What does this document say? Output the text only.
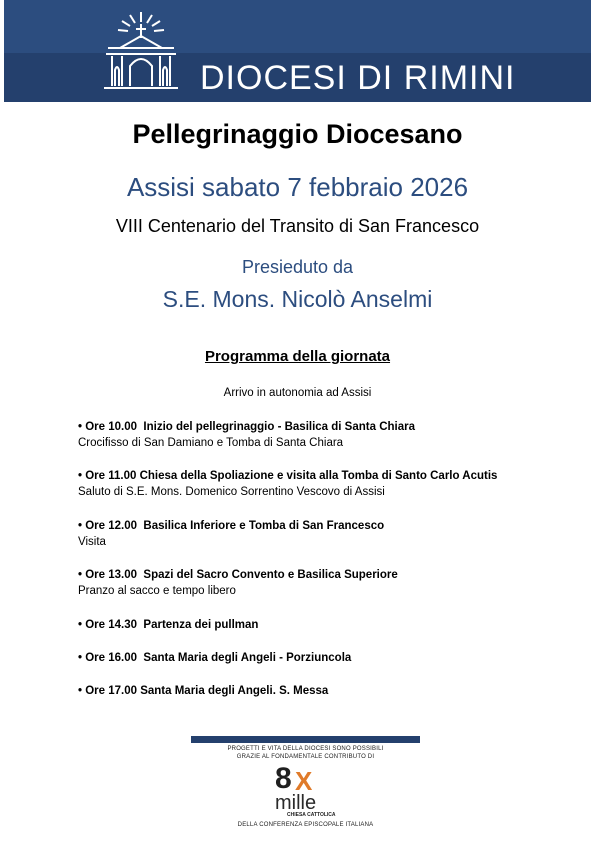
DIOCESI DI RIMINI
Pellegrinaggio Diocesano
Assisi sabato 7 febbraio 2026
VIII Centenario del Transito di San Francesco
Presieduto da
S.E. Mons. Nicolò Anselmi
Programma della giornata
Arrivo in autonomia ad Assisi
• Ore 10.00  Inizio del pellegrinaggio - Basilica di Santa Chiara
Crocifisso di San Damiano e Tomba di Santa Chiara
• Ore 11.00 Chiesa della Spoliazione e visita alla Tomba di Santo Carlo Acutis
Saluto di S.E. Mons. Domenico Sorrentino Vescovo di Assisi
• Ore 12.00  Basilica Inferiore e Tomba di San Francesco
Visita
• Ore 13.00  Spazi del Sacro Convento e Basilica Superiore
Pranzo al sacco e tempo libero
• Ore 14.30  Partenza dei pullman
• Ore 16.00  Santa Maria degli Angeli - Porziuncola
• Ore 17.00 Santa Maria degli Angeli. S. Messa
PROGETTI E VITA DELLA DIOCESI SONO POSSIBILI
GRAZIE AL FONDAMENTALE CONTRIBUTO DI
8 X
mille
CHIESA CATTOLICA
DELLA CONFERENZA EPISCOPALE ITALIANA
